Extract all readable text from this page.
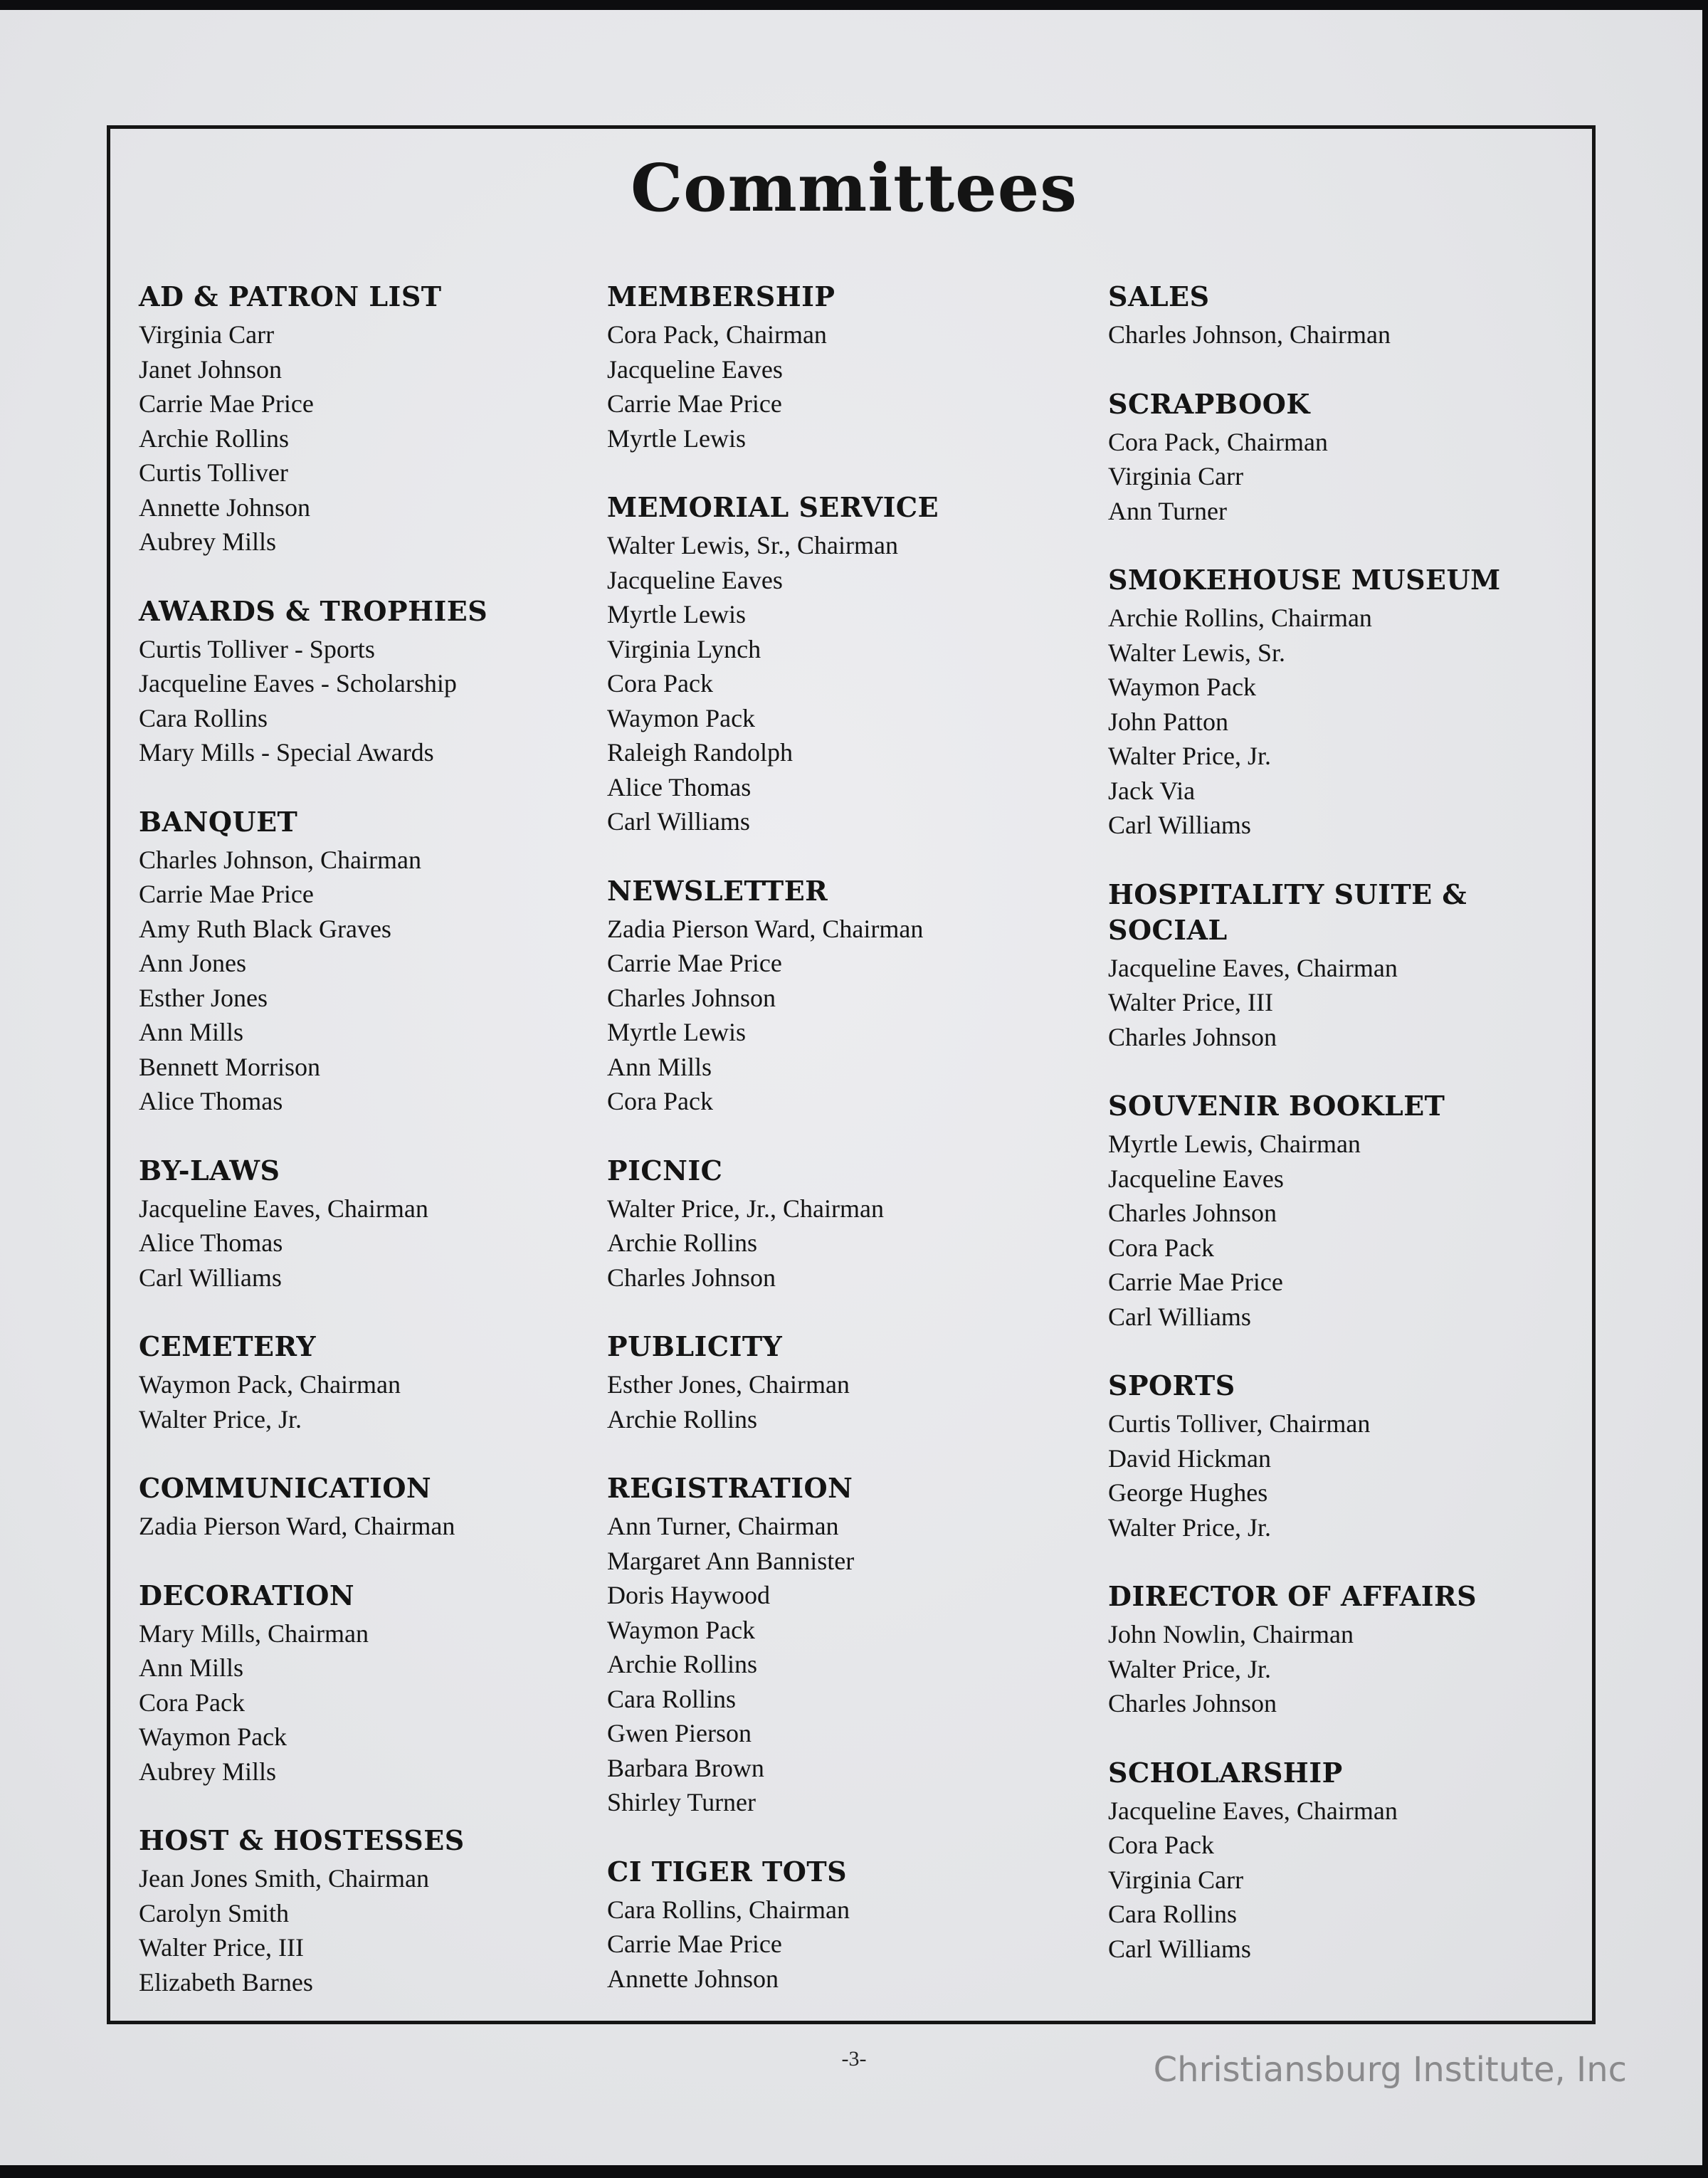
Committees
AD & PATRON LIST
Virginia Carr
Janet Johnson
Carrie Mae Price
Archie Rollins
Curtis Tolliver
Annette Johnson
Aubrey Mills
AWARDS & TROPHIES
Curtis Tolliver - Sports
Jacqueline Eaves - Scholarship
Cara Rollins
Mary Mills - Special Awards
BANQUET
Charles Johnson, Chairman
Carrie Mae Price
Amy Ruth Black Graves
Ann Jones
Esther Jones
Ann Mills
Bennett Morrison
Alice Thomas
BY-LAWS
Jacqueline Eaves, Chairman
Alice Thomas
Carl Williams
CEMETERY
Waymon Pack, Chairman
Walter Price, Jr.
COMMUNICATION
Zadia Pierson Ward, Chairman
DECORATION
Mary Mills, Chairman
Ann Mills
Cora Pack
Waymon Pack
Aubrey Mills
HOST & HOSTESSES
Jean Jones Smith, Chairman
Carolyn Smith
Walter Price, III
Elizabeth Barnes
MEMBERSHIP
Cora Pack, Chairman
Jacqueline Eaves
Carrie Mae Price
Myrtle Lewis
MEMORIAL SERVICE
Walter Lewis, Sr., Chairman
Jacqueline Eaves
Myrtle Lewis
Virginia Lynch
Cora Pack
Waymon Pack
Raleigh Randolph
Alice Thomas
Carl Williams
NEWSLETTER
Zadia Pierson Ward, Chairman
Carrie Mae Price
Charles Johnson
Myrtle Lewis
Ann Mills
Cora Pack
PICNIC
Walter Price, Jr., Chairman
Archie Rollins
Charles Johnson
PUBLICITY
Esther Jones, Chairman
Archie Rollins
REGISTRATION
Ann Turner, Chairman
Margaret Ann Bannister
Doris Haywood
Waymon Pack
Archie Rollins
Cara Rollins
Gwen Pierson
Barbara Brown
Shirley Turner
CI TIGER TOTS
Cara Rollins, Chairman
Carrie Mae Price
Annette Johnson
SALES
Charles Johnson, Chairman
SCRAPBOOK
Cora Pack, Chairman
Virginia Carr
Ann Turner
SMOKEHOUSE MUSEUM
Archie Rollins, Chairman
Walter Lewis, Sr.
Waymon Pack
John Patton
Walter Price, Jr.
Jack Via
Carl Williams
HOSPITALITY SUITE & SOCIAL
Jacqueline Eaves, Chairman
Walter Price, III
Charles Johnson
SOUVENIR BOOKLET
Myrtle Lewis, Chairman
Jacqueline Eaves
Charles Johnson
Cora Pack
Carrie Mae Price
Carl Williams
SPORTS
Curtis Tolliver, Chairman
David Hickman
George Hughes
Walter Price, Jr.
DIRECTOR OF AFFAIRS
John Nowlin, Chairman
Walter Price, Jr.
Charles Johnson
SCHOLARSHIP
Jacqueline Eaves, Chairman
Cora Pack
Virginia Carr
Cara Rollins
Carl Williams
-3-	Christiansburg Institute, Inc
